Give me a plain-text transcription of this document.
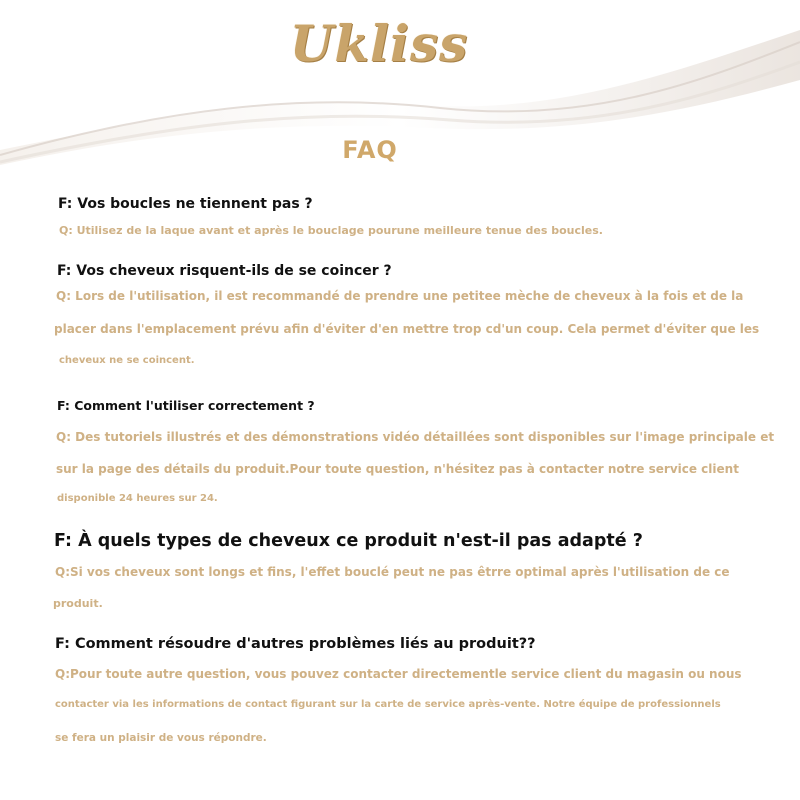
Ukliss
FAQ
F: Vos boucles ne tiennent pas ?
Q: Utilisez de la laque avant et après le bouclage pourune meilleure tenue des boucles.
F: Vos cheveux risquent-ils de se coincer ?
Q: Lors de l'utilisation, il est recommandé de prendre une petitee mèche de cheveux à la fois et de la
placer dans l'emplacement prévu afin d'éviter d'en mettre trop cd'un coup. Cela permet d'éviter que les
cheveux ne se coincent.
F: Comment l'utiliser correctement ?
Q: Des tutoriels illustrés et des démonstrations vidéo détaillées sont disponibles sur l'image principale et
sur la page des détails du produit.Pour toute question, n'hésitez pas à contacter notre service client
disponible 24 heures sur 24.
F: À quels types de cheveux ce produit n'est-il pas adapté ?
Q:Si vos cheveux sont longs et fins, l'effet bouclé peut ne pas êtrre optimal après l'utilisation de ce
produit.
F: Comment résoudre d'autres problèmes liés au produit??
Q:Pour toute autre question, vous pouvez contacter directementle service client du magasin ou nous
contacter via les informations de contact figurant sur la carte de service après-vente. Notre équipe de professionnels
se fera un plaisir de vous répondre.
